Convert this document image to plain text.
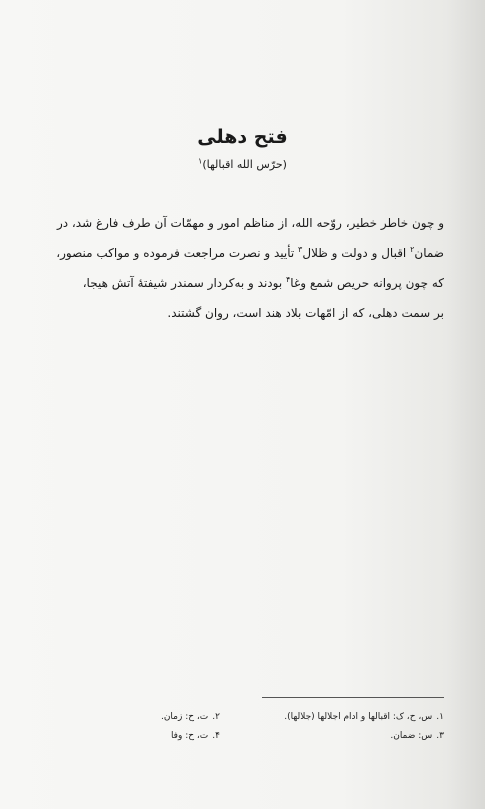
فتح دهلی
(حرّس الله اقبالها)$^۱$
و چون خاطر خطیر، روّحه الله، از مناظم امور و مهمّات آن طرف فارغ شد، در
ضمان$^۲$ اقبال و دولت و ظلال$^۳$ تأیید و نصرت مراجعت فرموده و مواکب منصور،
که چون پروانه حریص شمع وغا$^۴$ بودند و به‌کردار سمندر شیفتهٔ آتش هیجا،
بر سمت دهلی، که از امّهات بلاد هند است، روان گشتند.
۱.س، ح، ک: اقبالها و ادام اجلالها (جلالها).
۲.ت، ح: زمان.
۳.س: ضمان.
۴.ت، ح: وفا
